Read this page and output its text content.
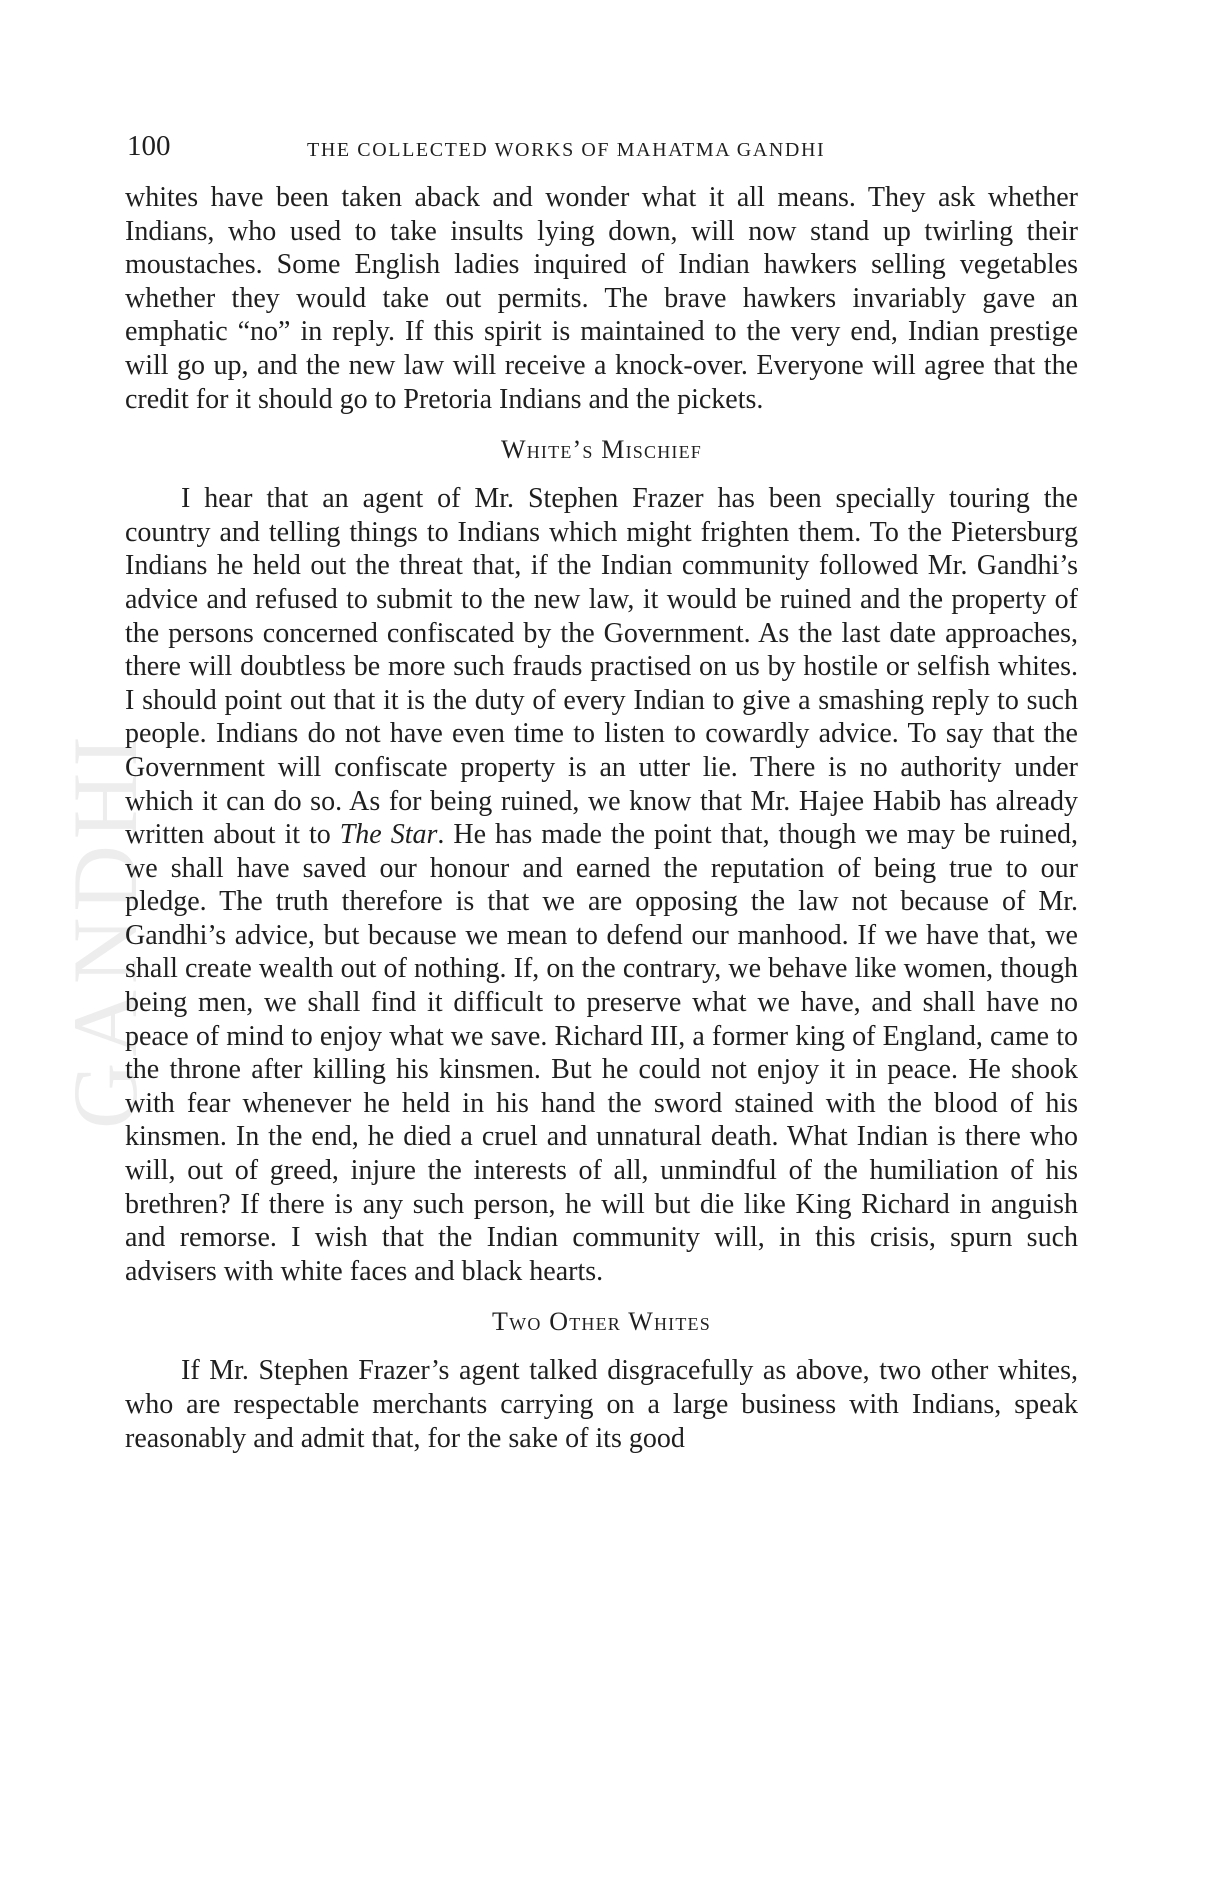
GANDHI
100	THE COLLECTED WORKS OF MAHATMA GANDHI

whites have been taken aback and wonder what it all means. They ask whether Indians, who used to take insults lying down, will now stand up twirling their moustaches. Some English ladies inquired of Indian hawkers selling vegetables whether they would take out permits. The brave hawkers invariably gave an emphatic “no” in reply. If this spirit is maintained to the very end, Indian prestige will go up, and the new law will receive a knock-over. Everyone will agree that the credit for it should go to Pretoria Indians and the pickets.

White’s Mischief

I hear that an agent of Mr. Stephen Frazer has been specially touring the country and telling things to Indians which might frighten them. To the Pietersburg Indians he held out the threat that, if the Indian community followed Mr. Gandhi’s advice and refused to submit to the new law, it would be ruined and the property of the persons concerned confiscated by the Government. As the last date approaches, there will doubtless be more such frauds practised on us by hostile or selfish whites. I should point out that it is the duty of every Indian to give a smashing reply to such people. Indians do not have even time to listen to cowardly advice. To say that the Government will confiscate property is an utter lie. There is no authority under which it can do so. As for being ruined, we know that Mr. Hajee Habib has already written about it to The Star. He has made the point that, though we may be ruined, we shall have saved our honour and earned the reputation of being true to our pledge. The truth therefore is that we are opposing the law not because of Mr. Gandhi’s advice, but because we mean to defend our manhood. If we have that, we shall create wealth out of nothing. If, on the contrary, we behave like women, though being men, we shall find it difficult to preserve what we have, and shall have no peace of mind to enjoy what we save. Richard III, a former king of England, came to the throne after killing his kinsmen. But he could not enjoy it in peace. He shook with fear whenever he held in his hand the sword stained with the blood of his kinsmen. In the end, he died a cruel and unnatural death. What Indian is there who will, out of greed, injure the interests of all, unmindful of the humiliation of his brethren? If there is any such person, he will but die like King Richard in anguish and remorse. I wish that the Indian community will, in this crisis, spurn such advisers with white faces and black hearts.

Two Other Whites

If Mr. Stephen Frazer’s agent talked disgracefully as above, two other whites, who are respectable merchants carrying on a large business with Indians, speak reasonably and admit that, for the sake of its good
